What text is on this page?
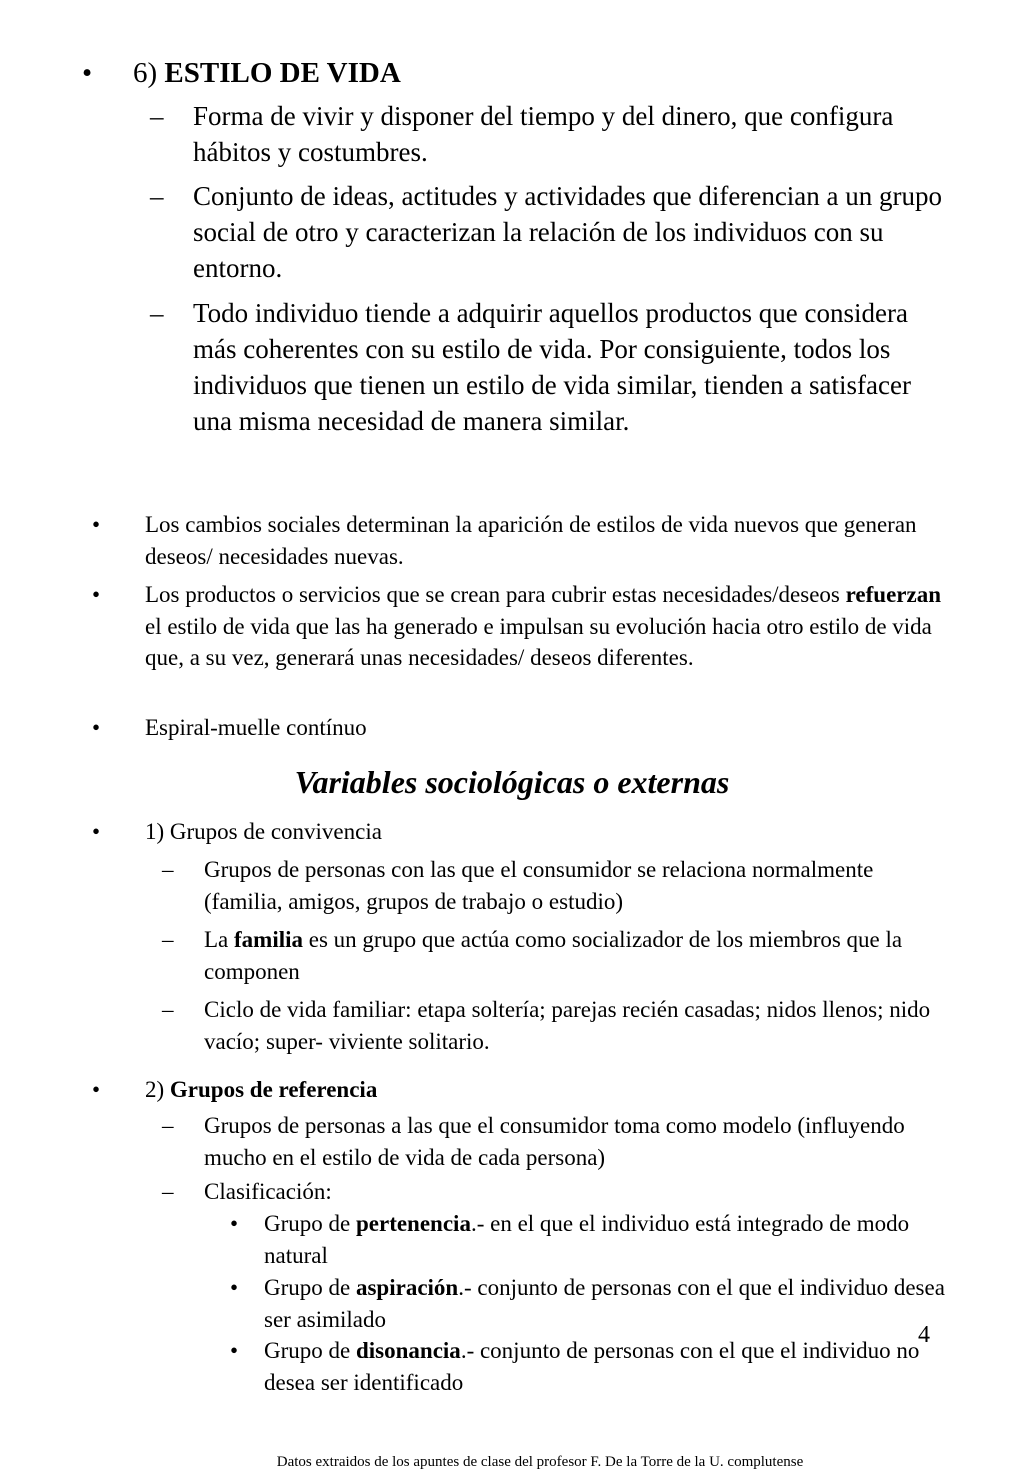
• 6) ESTILO DE VIDA
– Forma de vivir y disponer del tiempo y del dinero, que configura hábitos y costumbres.
– Conjunto de ideas, actitudes y actividades que diferencian a un grupo social de otro y caracterizan la relación de los individuos con su entorno.
– Todo individuo tiende a adquirir aquellos productos que considera más coherentes con su estilo de vida. Por consiguiente, todos los individuos que tienen un estilo de vida similar, tienden a satisfacer una misma necesidad de manera similar.
• Los cambios sociales determinan la aparición de estilos de vida nuevos que generan deseos/ necesidades nuevas.
• Los productos o servicios que se crean para cubrir estas necesidades/deseos refuerzan el estilo de vida que las ha generado e impulsan su evolución hacia otro estilo de vida que, a su vez, generará unas necesidades/ deseos diferentes.
• Espiral-muelle contínuo
Variables sociológicas o externas
• 1) Grupos de convivencia
– Grupos de personas con las que el consumidor se relaciona normalmente (familia, amigos, grupos de trabajo o estudio)
– La familia es un grupo que actúa como socializador de los miembros que la componen
– Ciclo de vida familiar: etapa soltería; parejas recién casadas; nidos llenos; nido vacío; super- viviente solitario.
• 2) Grupos de referencia
– Grupos de personas a las que el consumidor toma como modelo (influyendo mucho en el estilo de vida de cada persona)
– Clasificación:
• Grupo de pertenencia.- en el que el individuo está integrado de modo natural
• Grupo de aspiración.- conjunto de personas con el que el individuo desea ser asimilado
• Grupo de disonancia.- conjunto de personas con el que el individuo no desea ser identificado
4
Datos extraidos de los apuntes de clase del profesor F. De la Torre de la U. complutense
